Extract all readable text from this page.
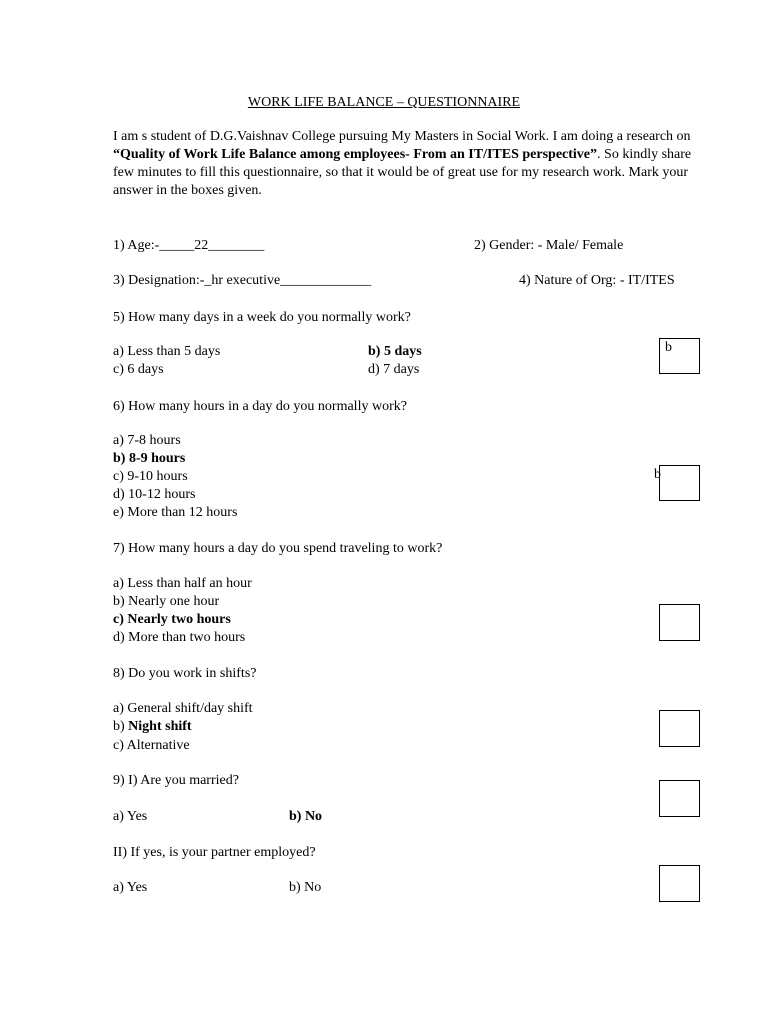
WORK LIFE BALANCE – QUESTIONNAIRE
I am s student of D.G.Vaishnav College pursuing My Masters in Social Work. I am doing a research on “Quality of Work Life Balance among employees- From an IT/ITES perspective”. So kindly share few minutes to fill this questionnaire, so that it would be of great use for my research work. Mark your answer in the boxes given.
1) Age:-_____22________	2) Gender: - Male/ Female
3) Designation:-_hr executive_____________	4) Nature of Org: - IT/ITES
5) How many days in a week do you normally work?
a) Less than 5 days	b) 5 days
c) 6 days	d) 7 days
b
6) How many hours in a day do you normally work?
a) 7-8 hours
b) 8-9 hours
c) 9-10 hours
d) 10-12 hours
e) More than 12 hours
b
7) How many hours a day do you spend traveling to work?
a) Less than half an hour
b) Nearly one hour
c) Nearly two hours
d) More than two hours
8) Do you work in shifts?
a) General shift/day shift
b) Night shift
c) Alternative
9) I) Are you married?
a) Yes	b) No
II) If yes, is your partner employed?
a) Yes	b) No
